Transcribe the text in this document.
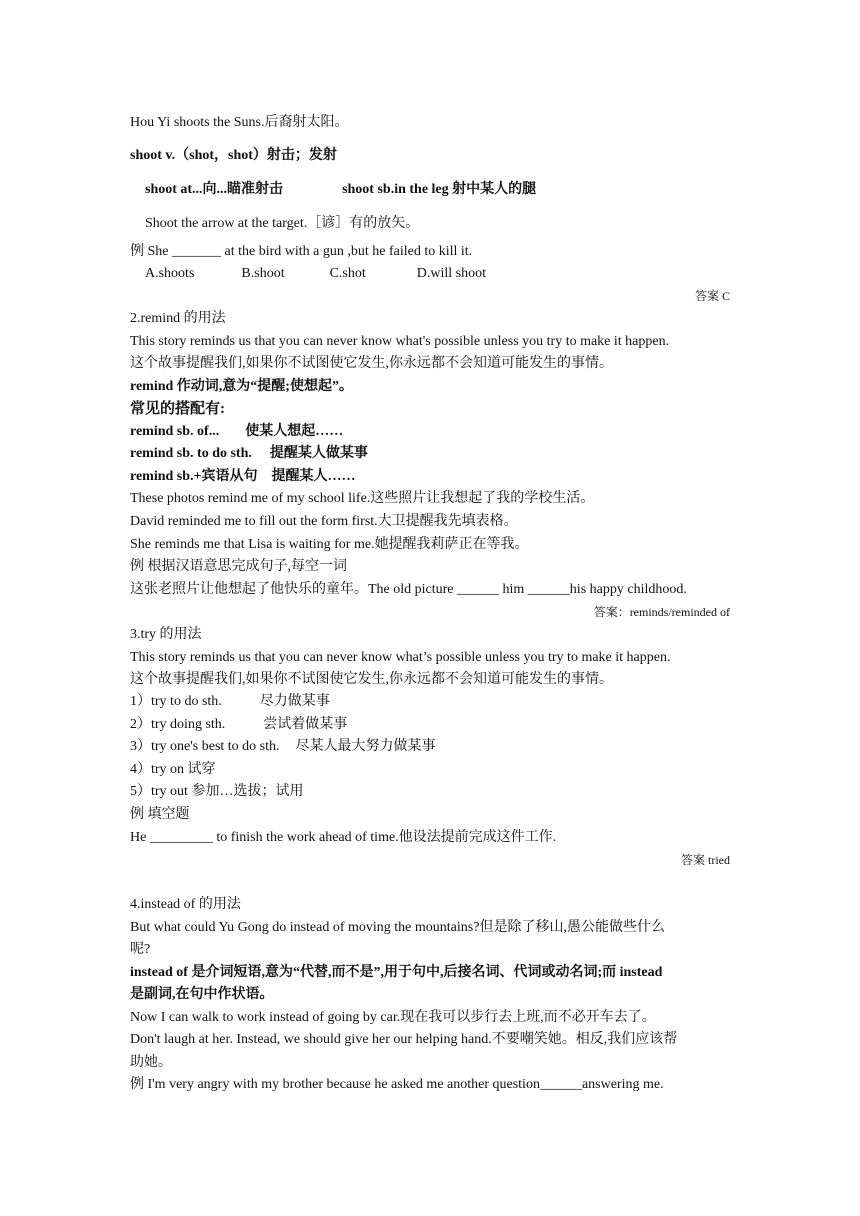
Hou Yi shoots the Suns.后裔射太阳。
shoot v.（shot，shot）射击；发射
shoot at...向...瞄准射击	shoot sb.in the leg 射中某人的腿
Shoot the arrow at the target.［谚］有的放矢。
例 She _______ at the bird with a gun ,but he failed to kill it.
A.shoots	B.shoot	C.shot	D.will shoot
答案 C
2.remind 的用法
This story reminds us that you can never know what's possible unless you try to make it happen.
这个故事提醒我们,如果你不试图使它发生,你永远都不会知道可能发生的事情。
remind 作动词,意为“提醒;使想起”。
常见的搭配有:
remind sb. of... 使某人想起……
remind sb. to do sth. 提醒某人做某事
remind sb.+宾语从句 提醒某人……
These photos remind me of my school life.这些照片让我想起了我的学校生活。
David reminded me to fill out the form first.大卫提醒我先填表格。
She reminds me that Lisa is waiting for me.她提醒我莉萨正在等我。
例 根据汉语意思完成句子,每空一词
这张老照片让他想起了他快乐的童年。The old picture ______ him ______his happy childhood.
答案：reminds/reminded of
3.try 的用法
This story reminds us that you can never know what’s possible unless you try to make it happen.
这个故事提醒我们,如果你不试图使它发生,你永远都不会知道可能发生的事情。
1）try to do sth.	尽力做某事
2）try doing sth.	尝试着做某事
3）try one's best to do sth. 尽某人最大努力做某事
4）try on 试穿
5）try out 参加…选拔；试用
例 填空题
He _________ to finish the work ahead of time.他设法提前完成这件工作.
答案 tried
4.instead of 的用法
But what could Yu Gong do instead of moving the mountains?但是除了移山,愚公能做些什么
呢?
instead of 是介词短语,意为“代替,而不是”,用于句中,后接名词、代词或动名词;而 instead
是副词,在句中作状语。
Now I can walk to work instead of going by car.现在我可以步行去上班,而不必开车去了。
Don't laugh at her. Instead, we should give her our helping hand.不要嘲笑她。相反,我们应该帮
助她。
例 I'm very angry with my brother because he asked me another question______answering me.
